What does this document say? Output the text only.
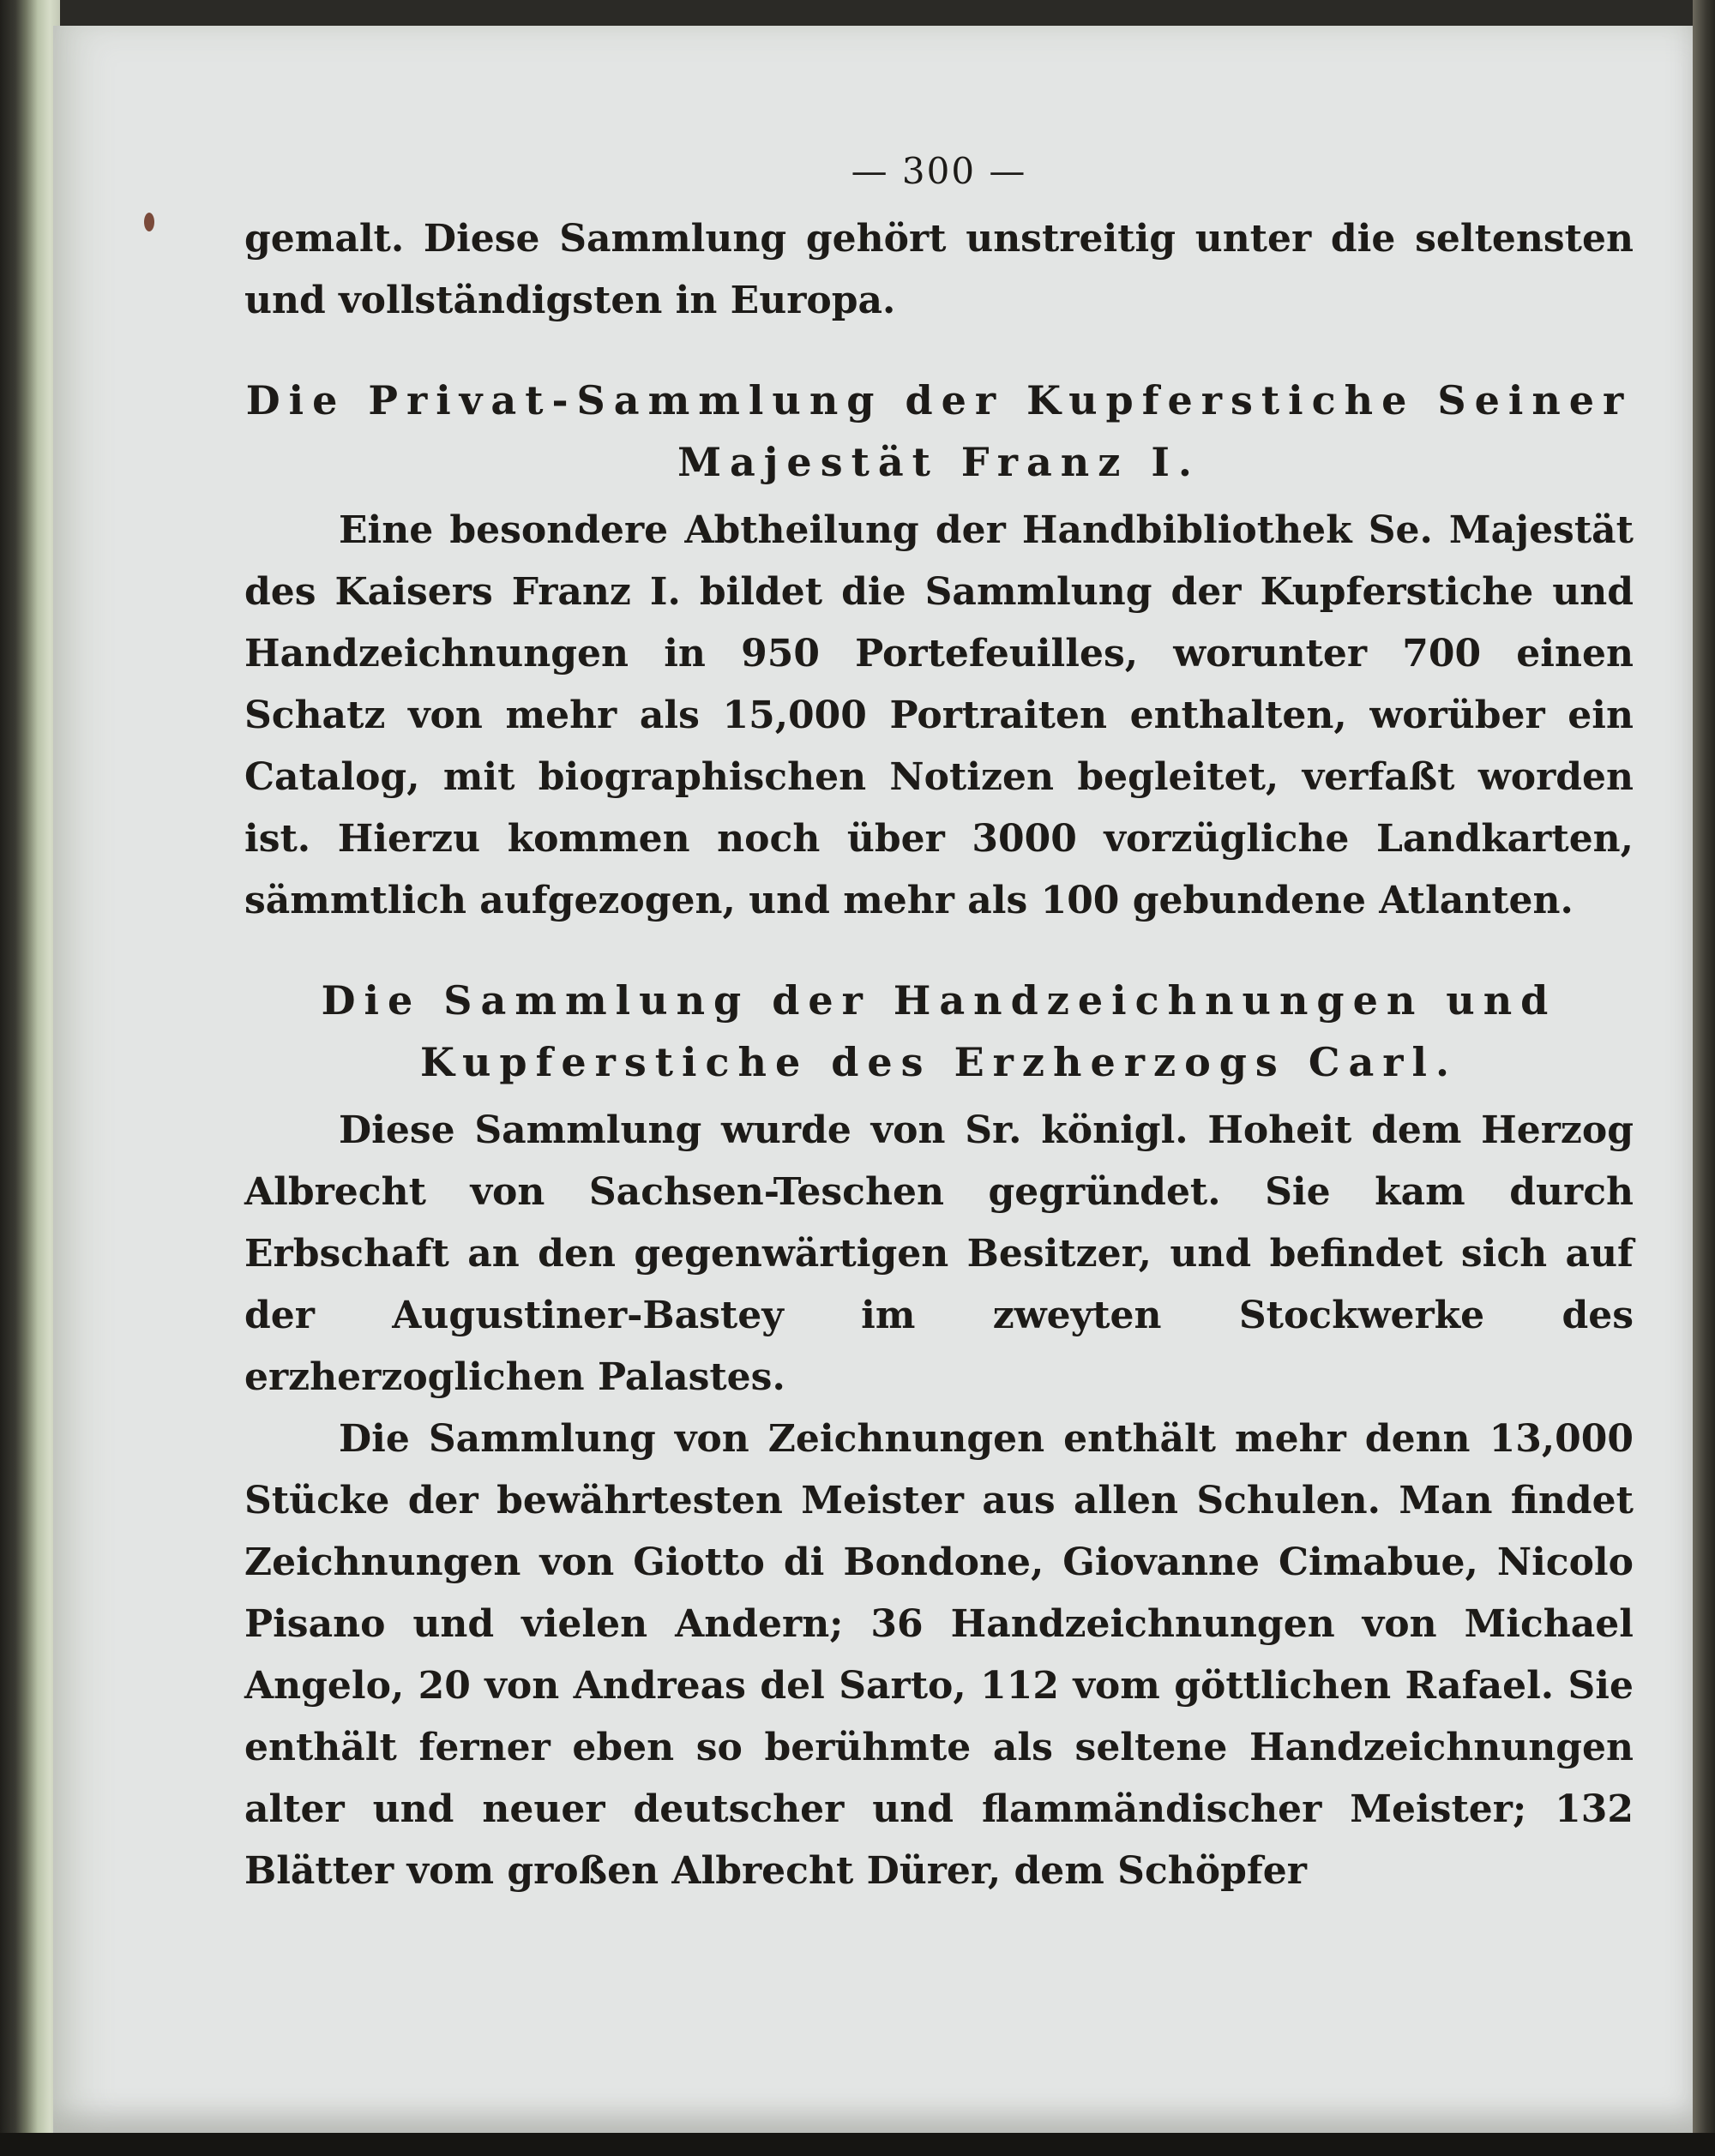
— 300 —

gemalt. Diese Sammlung gehört unstreitig unter die seltensten und vollständigsten in Europa.

Die Privat-Sammlung der Kupferstiche Seiner Majestät Franz I.

Eine besondere Abtheilung der Handbibliothek Se. Majestät des Kaisers Franz I. bildet die Sammlung der Kupferstiche und Handzeichnungen in 950 Portefeuilles, worunter 700 einen Schatz von mehr als 15,000 Portraiten enthalten, worüber ein Catalog, mit biographischen Notizen begleitet, verfaßt worden ist. Hierzu kommen noch über 3000 vorzügliche Landkarten, sämmtlich aufgezogen, und mehr als 100 gebundene Atlanten.

Die Sammlung der Handzeichnungen und Kupferstiche des Erzherzogs Carl.

Diese Sammlung wurde von Sr. königl. Hoheit dem Herzog Albrecht von Sachsen-Teschen gegründet. Sie kam durch Erbschaft an den gegenwärtigen Besitzer, und befindet sich auf der Augustiner-Bastey im zweyten Stockwerke des erzherzoglichen Palastes.

Die Sammlung von Zeichnungen enthält mehr denn 13,000 Stücke der bewährtesten Meister aus allen Schulen. Man findet Zeichnungen von Giotto di Bondone, Giovanne Cimabue, Nicolo Pisano und vielen Andern; 36 Handzeichnungen von Michael Angelo, 20 von Andreas del Sarto, 112 vom göttlichen Rafael. Sie enthält ferner eben so berühmte als seltene Handzeichnungen alter und neuer deutscher und flammändischer Meister; 132 Blätter vom großen Albrecht Dürer, dem Schöpfer
